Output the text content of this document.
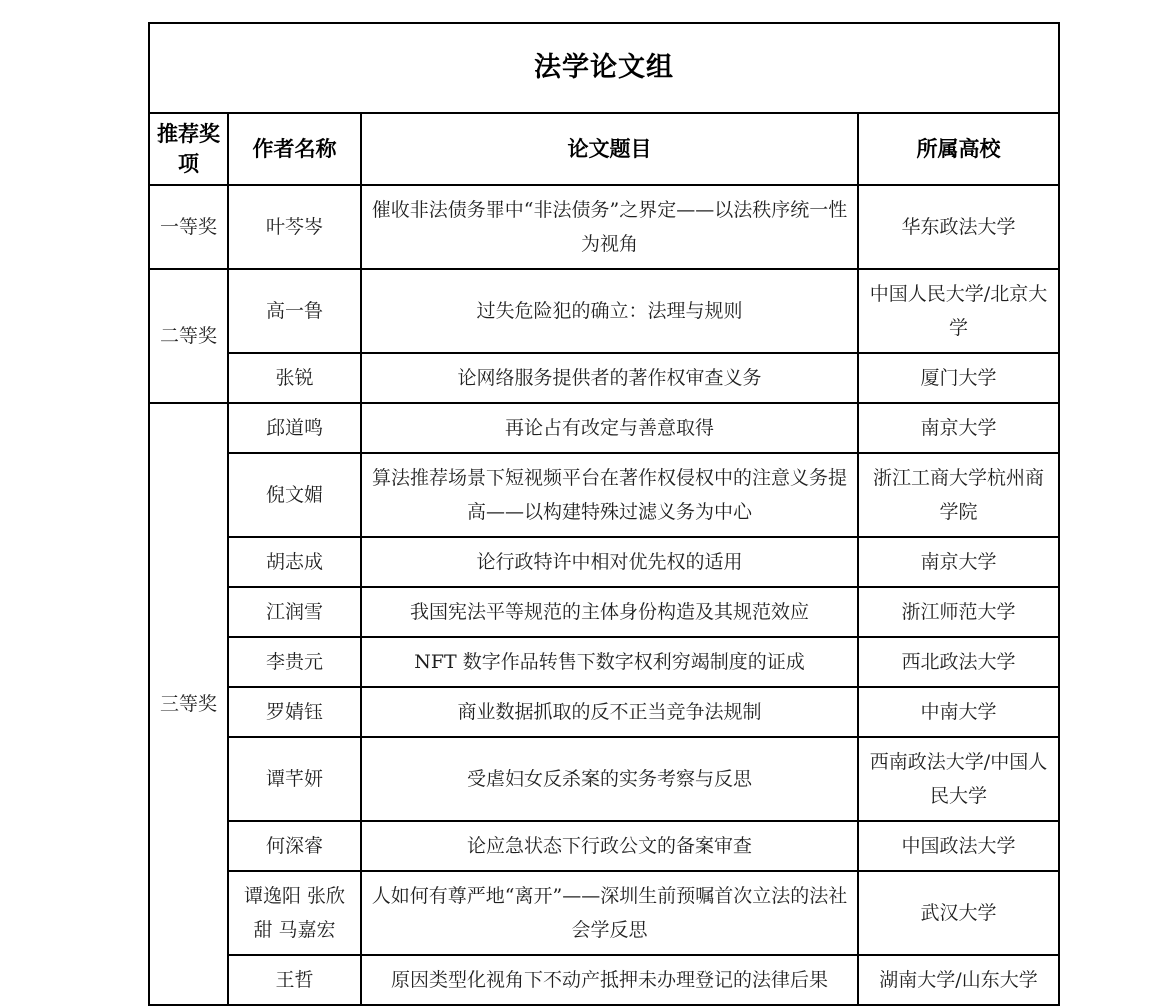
法学论文组			
推荐奖项	作者名称	论文题目	所属高校
一等奖	叶芩岑	催收非法债务罪中“非法债务”之界定——以法秩序统一性为视角	华东政法大学
二等奖	高一鲁	过失危险犯的确立：法理与规则	中国人民大学/北京大学
	张锐	论网络服务提供者的著作权审查义务	厦门大学
三等奖	邱道鸣	再论占有改定与善意取得	南京大学
	倪文媚	算法推荐场景下短视频平台在著作权侵权中的注意义务提高——以构建特殊过滤义务为中心	浙江工商大学杭州商学院
	胡志成	论行政特许中相对优先权的适用	南京大学
	江润雪	我国宪法平等规范的主体身份构造及其规范效应	浙江师范大学
	李贵元	NFT 数字作品转售下数字权利穷竭制度的证成	西北政法大学
	罗婧钰	商业数据抓取的反不正当竞争法规制	中南大学
	谭芊妍	受虐妇女反杀案的实务考察与反思	西南政法大学/中国人民大学
	何深睿	论应急状态下行政公文的备案审查	中国政法大学
	谭逸阳 张欣甜 马嘉宏	人如何有尊严地“离开”——深圳生前预嘱首次立法的法社会学反思	武汉大学
	王哲	原因类型化视角下不动产抵押未办理登记的法律后果	湖南大学/山东大学
